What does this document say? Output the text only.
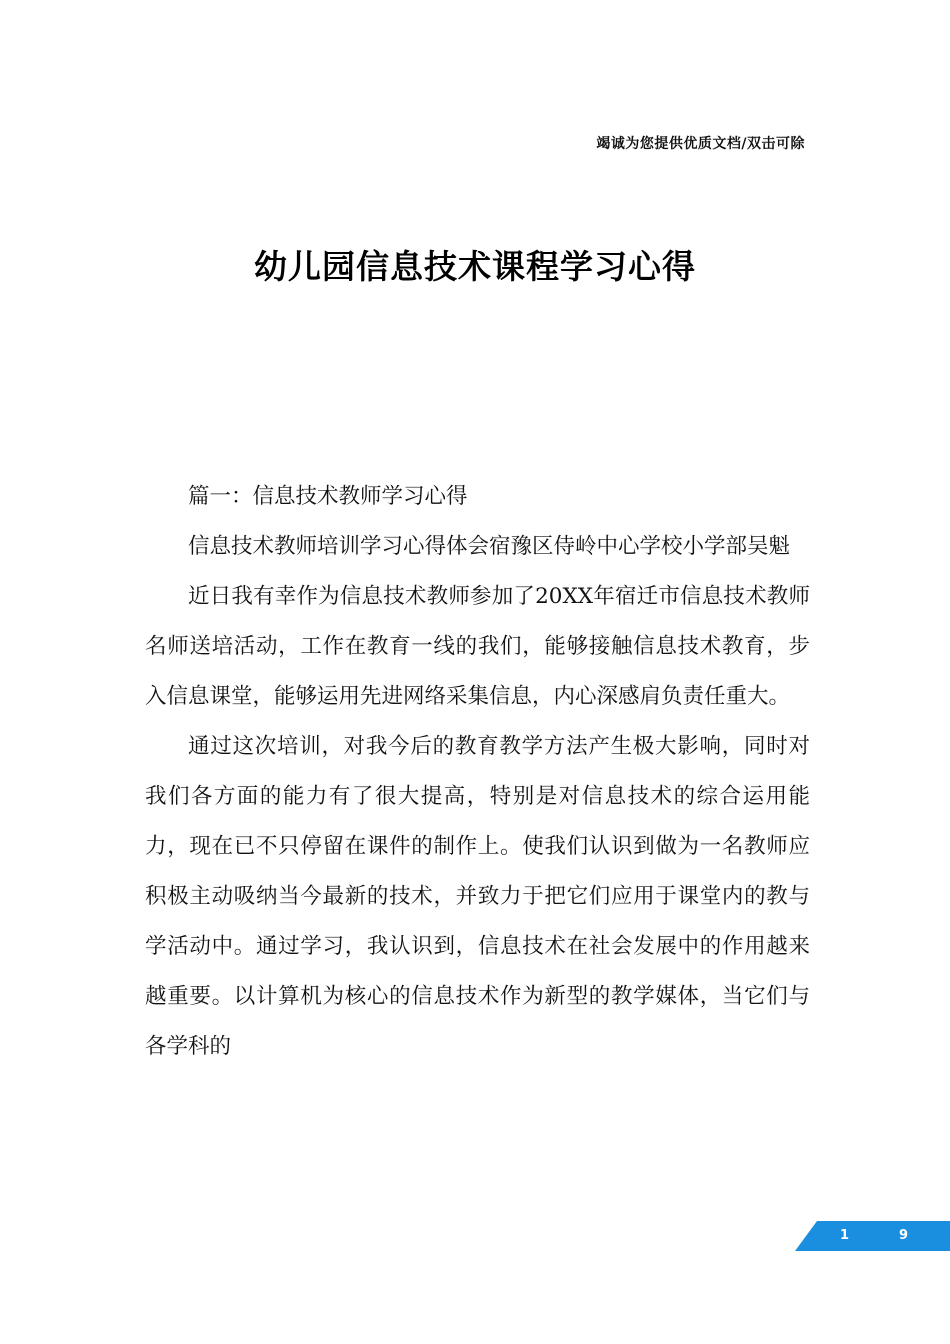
竭诚为您提供优质文档/双击可除
幼儿园信息技术课程学习心得

篇一：信息技术教师学习心得

信息技术教师培训学习心得体会宿豫区侍岭中心学校小学部吴魁

近日我有幸作为信息技术教师参加了20XX年宿迁市信息技术教师名师送培活动，工作在教育一线的我们，能够接触信息技术教育，步入信息课堂，能够运用先进网络采集信息，内心深感肩负责任重大。

通过这次培训，对我今后的教育教学方法产生极大影响，同时对我们各方面的能力有了很大提高，特别是对信息技术的综合运用能力，现在已不只停留在课件的制作上。使我们认识到做为一名教师应积极主动吸纳当今最新的技术，并致力于把它们应用于课堂内的教与学活动中。通过学习，我认识到，信息技术在社会发展中的作用越来越重要。以计算机为核心的信息技术作为新型的教学媒体，当它们与各学科的

1	9
